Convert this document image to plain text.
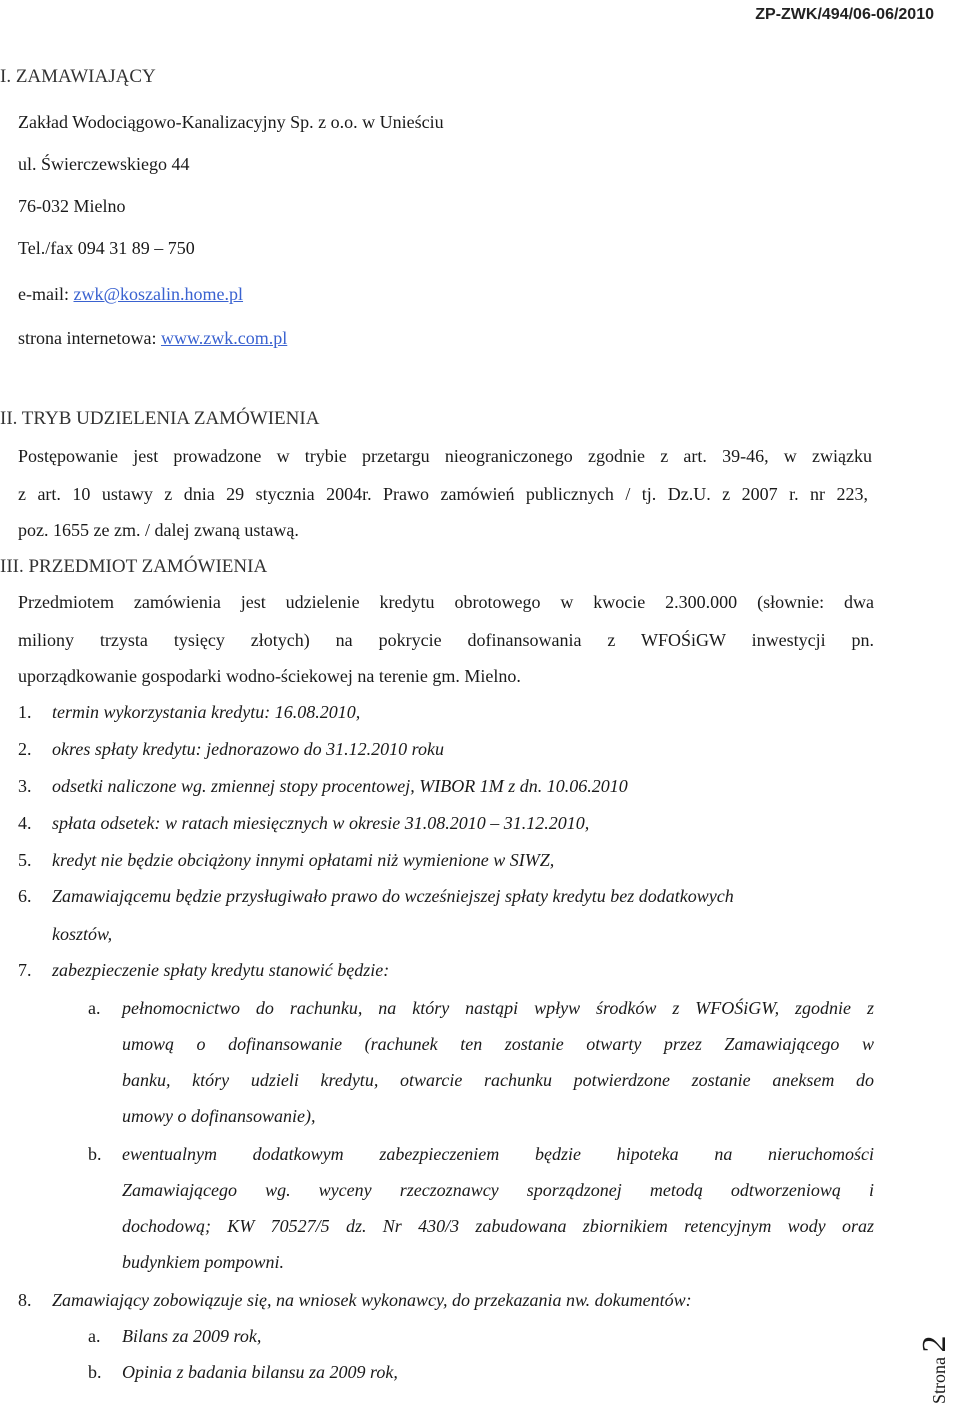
ZP-ZWK/494/06-06/2010
I. ZAMAWIAJĄCY
Zakład Wodociągowo-Kanalizacyjny Sp. z o.o. w Unieściu
ul. Świerczewskiego 44
76-032 Mielno
Tel./fax 094 31 89 – 750
e-mail: zwk@koszalin.home.pl
strona internetowa: www.zwk.com.pl
II. TRYB UDZIELENIA ZAMÓWIENIA
Postępowanie jest prowadzone w trybie przetargu nieograniczonego zgodnie z art. 39-46, w związku
z art. 10 ustawy z dnia 29 stycznia 2004r. Prawo zamówień publicznych / tj. Dz.U. z 2007 r. nr 223,
poz. 1655 ze zm. / dalej zwaną ustawą.
III. PRZEDMIOT ZAMÓWIENIA
Przedmiotem zamówienia jest udzielenie kredytu obrotowego w kwocie 2.300.000 (słownie: dwa
miliony trzysta tysięcy złotych) na pokrycie dofinansowania z WFOŚiGW inwestycji pn.
uporządkowanie gospodarki wodno-ściekowej na terenie gm. Mielno.
1. termin wykorzystania kredytu: 16.08.2010,
2. okres spłaty kredytu: jednorazowo do 31.12.2010 roku
3. odsetki naliczone wg. zmiennej stopy procentowej, WIBOR 1M z dn. 10.06.2010
4. spłata odsetek: w ratach miesięcznych w okresie 31.08.2010 – 31.12.2010,
5. kredyt nie będzie obciążony innymi opłatami niż wymienione w SIWZ,
6. Zamawiającemu będzie przysługiwało prawo do wcześniejszej spłaty kredytu bez dodatkowych
kosztów,
7. zabezpieczenie spłaty kredytu stanowić będzie:
a. pełnomocnictwo do rachunku, na który nastąpi wpływ środków z WFOŚiGW, zgodnie z
umową o dofinansowanie (rachunek ten zostanie otwarty przez Zamawiającego w
banku, który udzieli kredytu, otwarcie rachunku potwierdzone zostanie aneksem do
umowy o dofinansowanie),
b. ewentualnym dodatkowym zabezpieczeniem będzie hipoteka na nieruchomości
Zamawiającego wg. wyceny rzeczoznawcy sporządzonej metodą odtworzeniową i
dochodową; KW 70527/5 dz. Nr 430/3 zabudowana zbiornikiem retencyjnym wody oraz
budynkiem pompowni.
8. Zamawiający zobowiązuje się, na wniosek wykonawcy, do przekazania nw. dokumentów:
a. Bilans za 2009 rok,
b. Opinia z badania bilansu za 2009 rok,	Strona 2
